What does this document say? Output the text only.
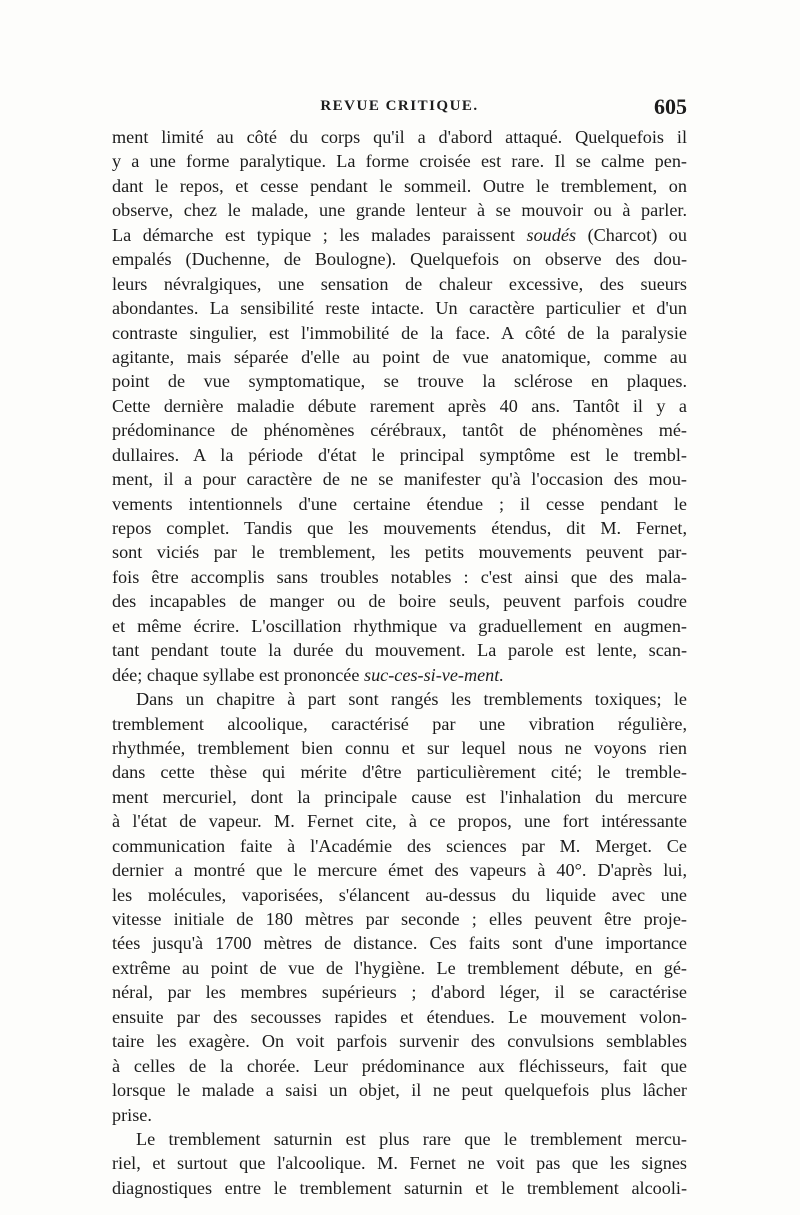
REVUE CRITIQUE.	605
ment limité au côté du corps qu'il a d'abord attaqué. Quelquefois il
y a une forme paralytique. La forme croisée est rare. Il se calme pen-
dant le repos, et cesse pendant le sommeil. Outre le tremblement, on
observe, chez le malade, une grande lenteur à se mouvoir ou à parler.
La démarche est typique ; les malades paraissent soudés (Charcot) ou
empalés (Duchenne, de Boulogne). Quelquefois on observe des dou-
leurs névralgiques, une sensation de chaleur excessive, des sueurs
abondantes. La sensibilité reste intacte. Un caractère particulier et d'un
contraste singulier, est l'immobilité de la face. A côté de la paralysie
agitante, mais séparée d'elle au point de vue anatomique, comme au
point de vue symptomatique, se trouve la sclérose en plaques.
Cette dernière maladie débute rarement après 40 ans. Tantôt il y a
prédominance de phénomènes cérébraux, tantôt de phénomènes mé-
dullaires. A la période d'état le principal symptôme est le trembl-
ment, il a pour caractère de ne se manifester qu'à l'occasion des mou-
vements intentionnels d'une certaine étendue ; il cesse pendant le
repos complet. Tandis que les mouvements étendus, dit M. Fernet,
sont viciés par le tremblement, les petits mouvements peuvent par-
fois être accomplis sans troubles notables : c'est ainsi que des mala-
des incapables de manger ou de boire seuls, peuvent parfois coudre
et même écrire. L'oscillation rhythmique va graduellement en augmen-
tant pendant toute la durée du mouvement. La parole est lente, scan-
dée; chaque syllabe est prononcée suc-ces-si-ve-ment.
Dans un chapitre à part sont rangés les tremblements toxiques; le
tremblement alcoolique, caractérisé par une vibration régulière,
rhythmée, tremblement bien connu et sur lequel nous ne voyons rien
dans cette thèse qui mérite d'être particulièrement cité; le tremble-
ment mercuriel, dont la principale cause est l'inhalation du mercure
à l'état de vapeur. M. Fernet cite, à ce propos, une fort intéressante
communication faite à l'Académie des sciences par M. Merget. Ce
dernier a montré que le mercure émet des vapeurs à 40°. D'après lui,
les molécules, vaporisées, s'élancent au-dessus du liquide avec une
vitesse initiale de 180 mètres par seconde ; elles peuvent être proje-
tées jusqu'à 1700 mètres de distance. Ces faits sont d'une importance
extrême au point de vue de l'hygiène. Le tremblement débute, en gé-
néral, par les membres supérieurs ; d'abord léger, il se caractérise
ensuite par des secousses rapides et étendues. Le mouvement volon-
taire les exagère. On voit parfois survenir des convulsions semblables
à celles de la chorée. Leur prédominance aux fléchisseurs, fait que
lorsque le malade a saisi un objet, il ne peut quelquefois plus lâcher
prise.
Le tremblement saturnin est plus rare que le tremblement mercu-
riel, et surtout que l'alcoolique. M. Fernet ne voit pas que les signes
diagnostiques entre le tremblement saturnin et le tremblement alcooli-
